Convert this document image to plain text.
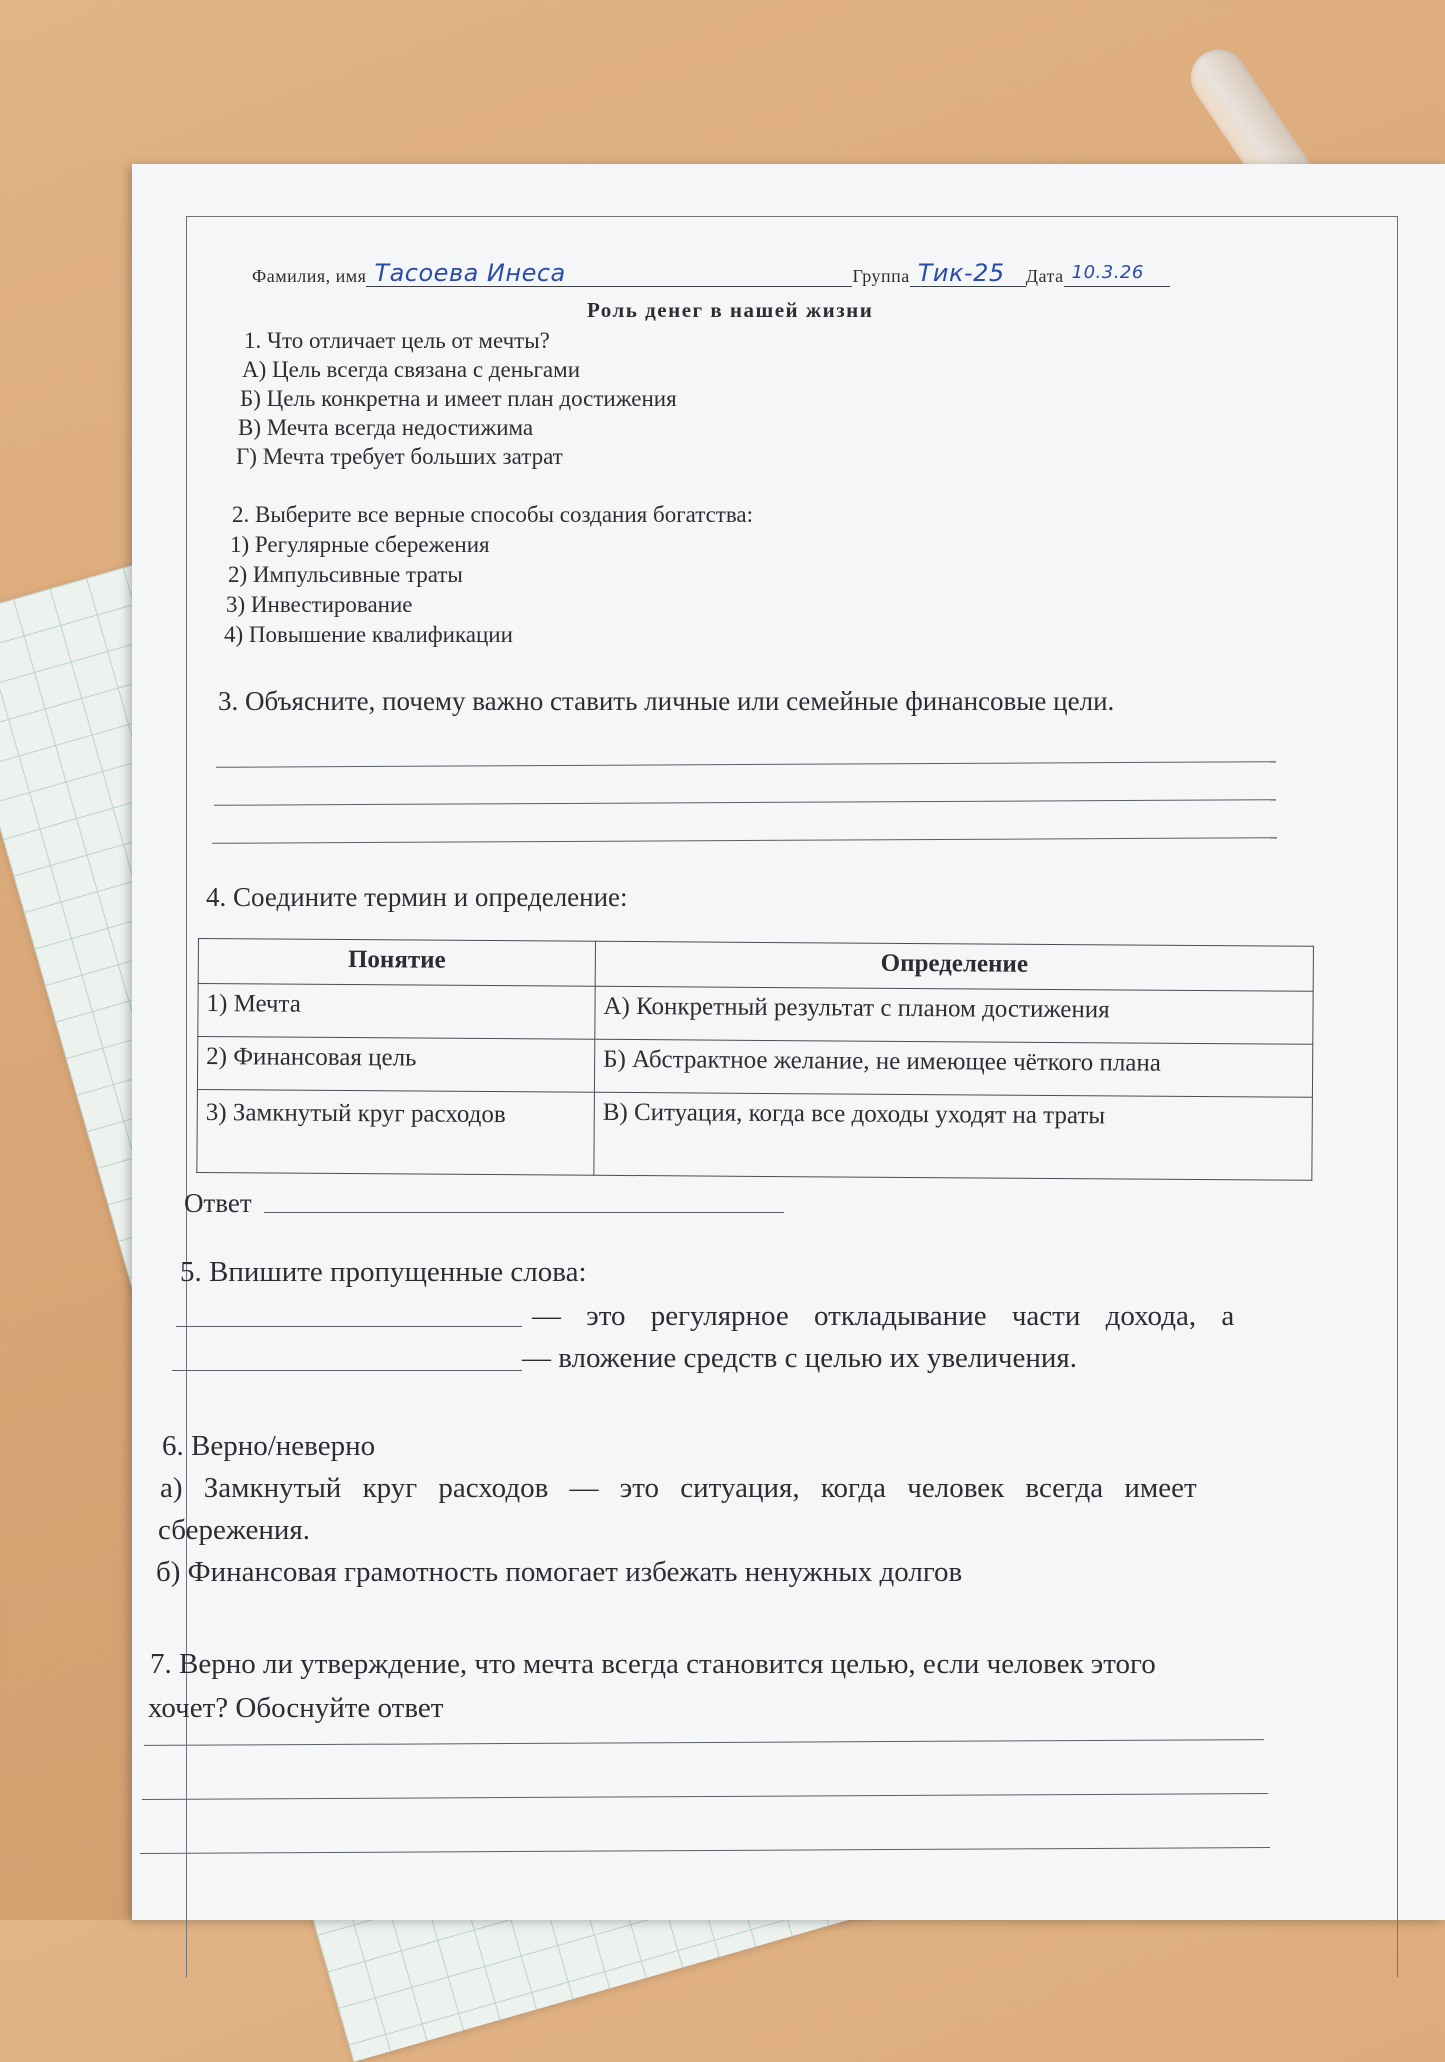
Фамилия, имя Тасоева Инеса	Группа Тик-25 Дата 10.3.26
Роль денег в нашей жизни
1. Что отличает цель от мечты?
А) Цель всегда связана с деньгами
Б) Цель конкретна и имеет план достижения
В) Мечта всегда недостижима
Г) Мечта требует больших затрат
2. Выберите все верные способы создания богатства:
1) Регулярные сбережения
2) Импульсивные траты
3) Инвестирование
4) Повышение квалификации
3. Объясните, почему важно ставить личные или семейные финансовые цели.
4. Соедините термин и определение:
Понятие	Определение
1) Мечта	А) Конкретный результат с планом достижения
2) Финансовая цель	Б) Абстрактное желание, не имеющее чёткого плана
3) Замкнутый круг расходов	В) Ситуация, когда все доходы уходят на траты
Ответ
5. Впишите пропущенные слова:
— это регулярное откладывание части дохода, а
— вложение средств с целью их увеличения.
6. Верно/неверно
а) Замкнутый круг расходов — это ситуация, когда человек всегда имеет
сбережения.
б) Финансовая грамотность помогает избежать ненужных долгов
7. Верно ли утверждение, что мечта всегда становится целью, если человек этого
хочет? Обоснуйте ответ
